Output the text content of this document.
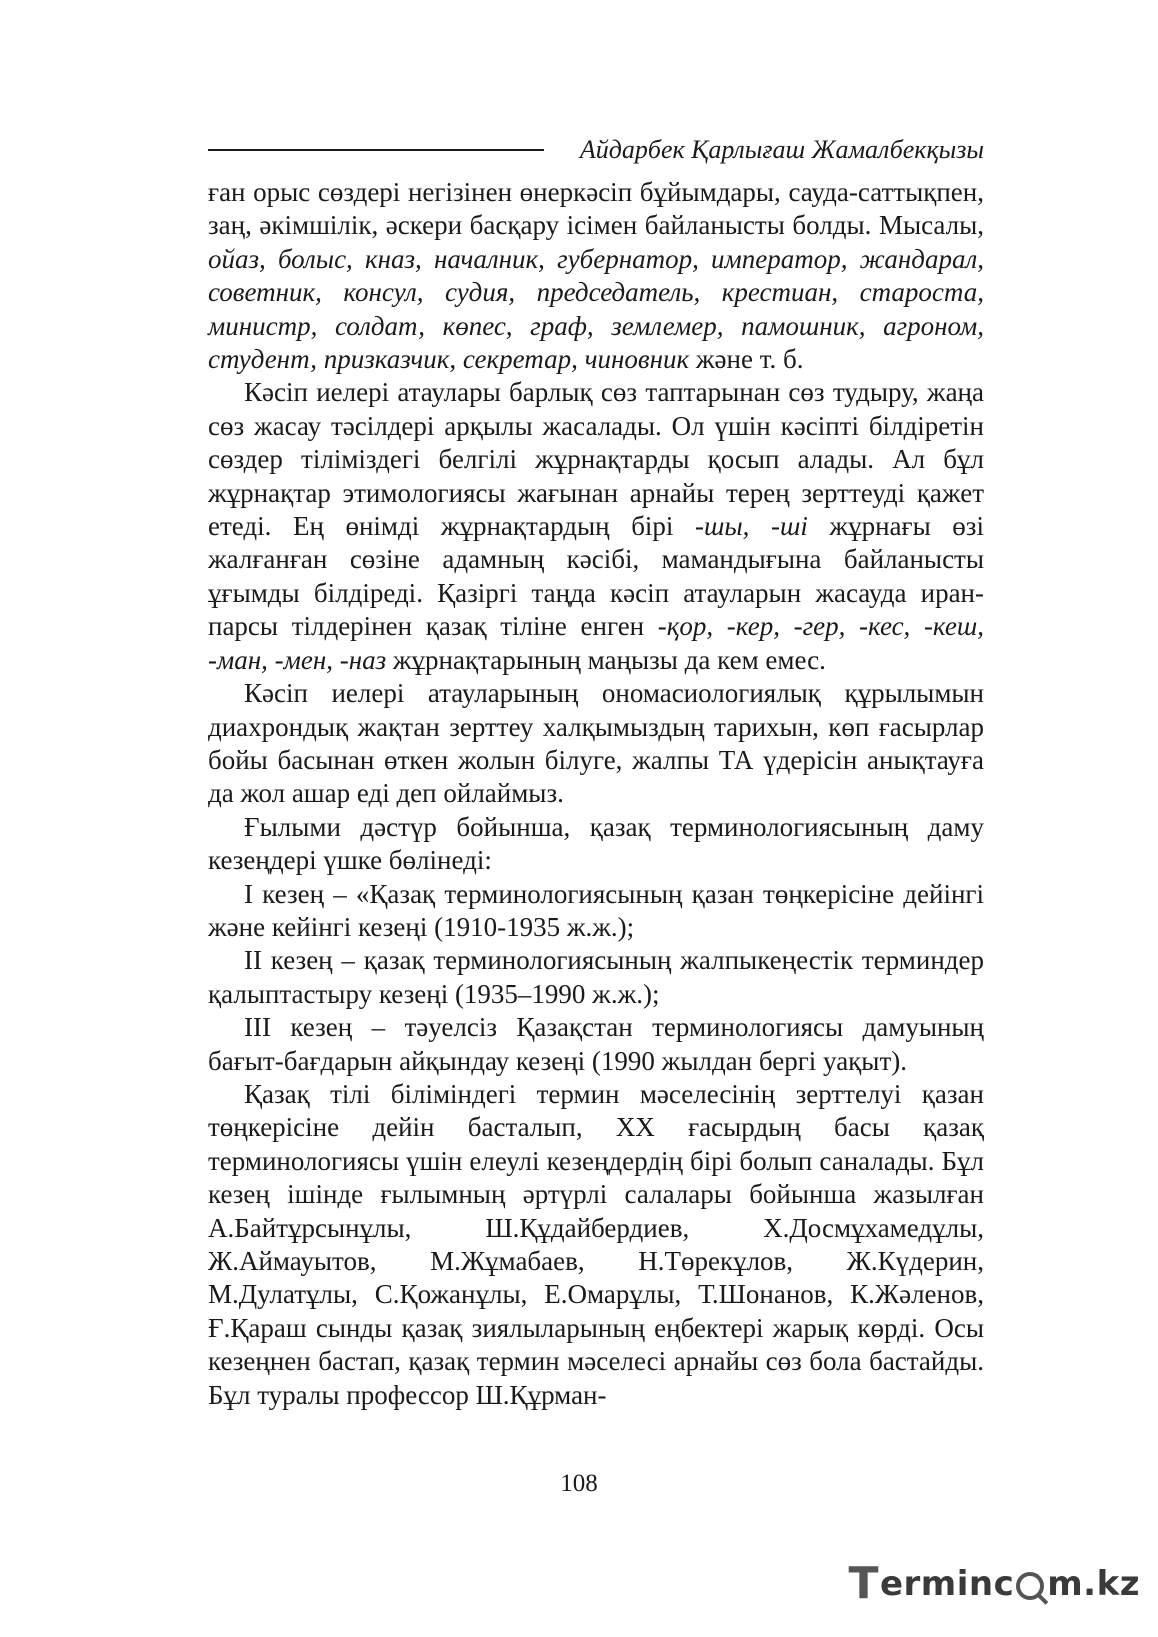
Айдарбек Қарлығаш Жамалбекқызы

ған орыс сөздері негізінен өнеркәсіп бұйымдары, сауда-саттықпен, заң, әкімшілік, әскери басқару ісімен байланысты болды. Мысалы, ойаз, болыс, кназ, началник, губернатор, император, жандарал, советник, консул, судия, председатель, крестиан, староста, министр, солдат, көпес, граф, землемер, памошник, агроном, студент, призказчик, секретар, чиновник және т. б.

Кәсіп иелері атаулары барлық сөз таптарынан сөз тудыру, жаңа сөз жасау тәсілдері арқылы жасалады. Ол үшін кәсіпті білдіретін сөздер тіліміздегі белгілі жұрнақтарды қосып алады. Ал бұл жұрнақтар этимологиясы жағынан арнайы терең зерттеуді қажет етеді. Ең өнімді жұрнақтардың бірі -шы, -ші жұрнағы өзі жалғанған сөзіне адамның кәсібі, мамандығына байланысты ұғымды білдіреді. Қазіргі таңда кәсіп атауларын жасауда иран-парсы тілдерінен қазақ тіліне енген -қор, -кер, -гер, -кес, -кеш, -ман, -мен, -наз жұрнақтарының маңызы да кем емес.

Кәсіп иелері атауларының ономасиологиялық құрылымын диахрондық жақтан зерттеу халқымыздың тарихын, көп ғасырлар бойы басынан өткен жолын білуге, жалпы ТА үдерісін анықтауға да жол ашар еді деп ойлаймыз.

Ғылыми дәстүр бойынша, қазақ терминологиясының даму кезеңдері үшке бөлінеді:

І кезең – «Қазақ терминологиясының қазан төңкерісіне дейінгі және кейінгі кезеңі (1910-1935 ж.ж.);

ІІ кезең – қазақ терминологиясының жалпыкеңестік терминдер қалыптастыру кезеңі (1935–1990 ж.ж.);

ІІІ кезең – тәуелсіз Қазақстан терминологиясы дамуының бағыт-бағдарын айқындау кезеңі (1990 жылдан бергі уақыт).

Қазақ тілі біліміндегі термин мәселесінің зерттелуі қазан төңкерісіне дейін басталып, ХХ ғасырдың басы қазақ терминологиясы үшін елеулі кезеңдердің бірі болып саналады. Бұл кезең ішінде ғылымның әртүрлі салалары бойынша жазылған А.Байтұрсынұлы, Ш.Құдайбердиев, Х.Досмұхамедұлы, Ж.Аймауытов, М.Жұмабаев, Н.Төрекұлов, Ж.Күдерин, М.Дулатұлы, С.Қожанұлы, Е.Омарұлы, Т.Шонанов, К.Жәленов, Ғ.Қараш сынды қазақ зиялыларының еңбектері жарық көрді. Осы кезеңнен бастап, қазақ термин мәселесі арнайы сөз бола бастайды. Бұл туралы профессор Ш.Құрман-

108
T erminc m.kz
